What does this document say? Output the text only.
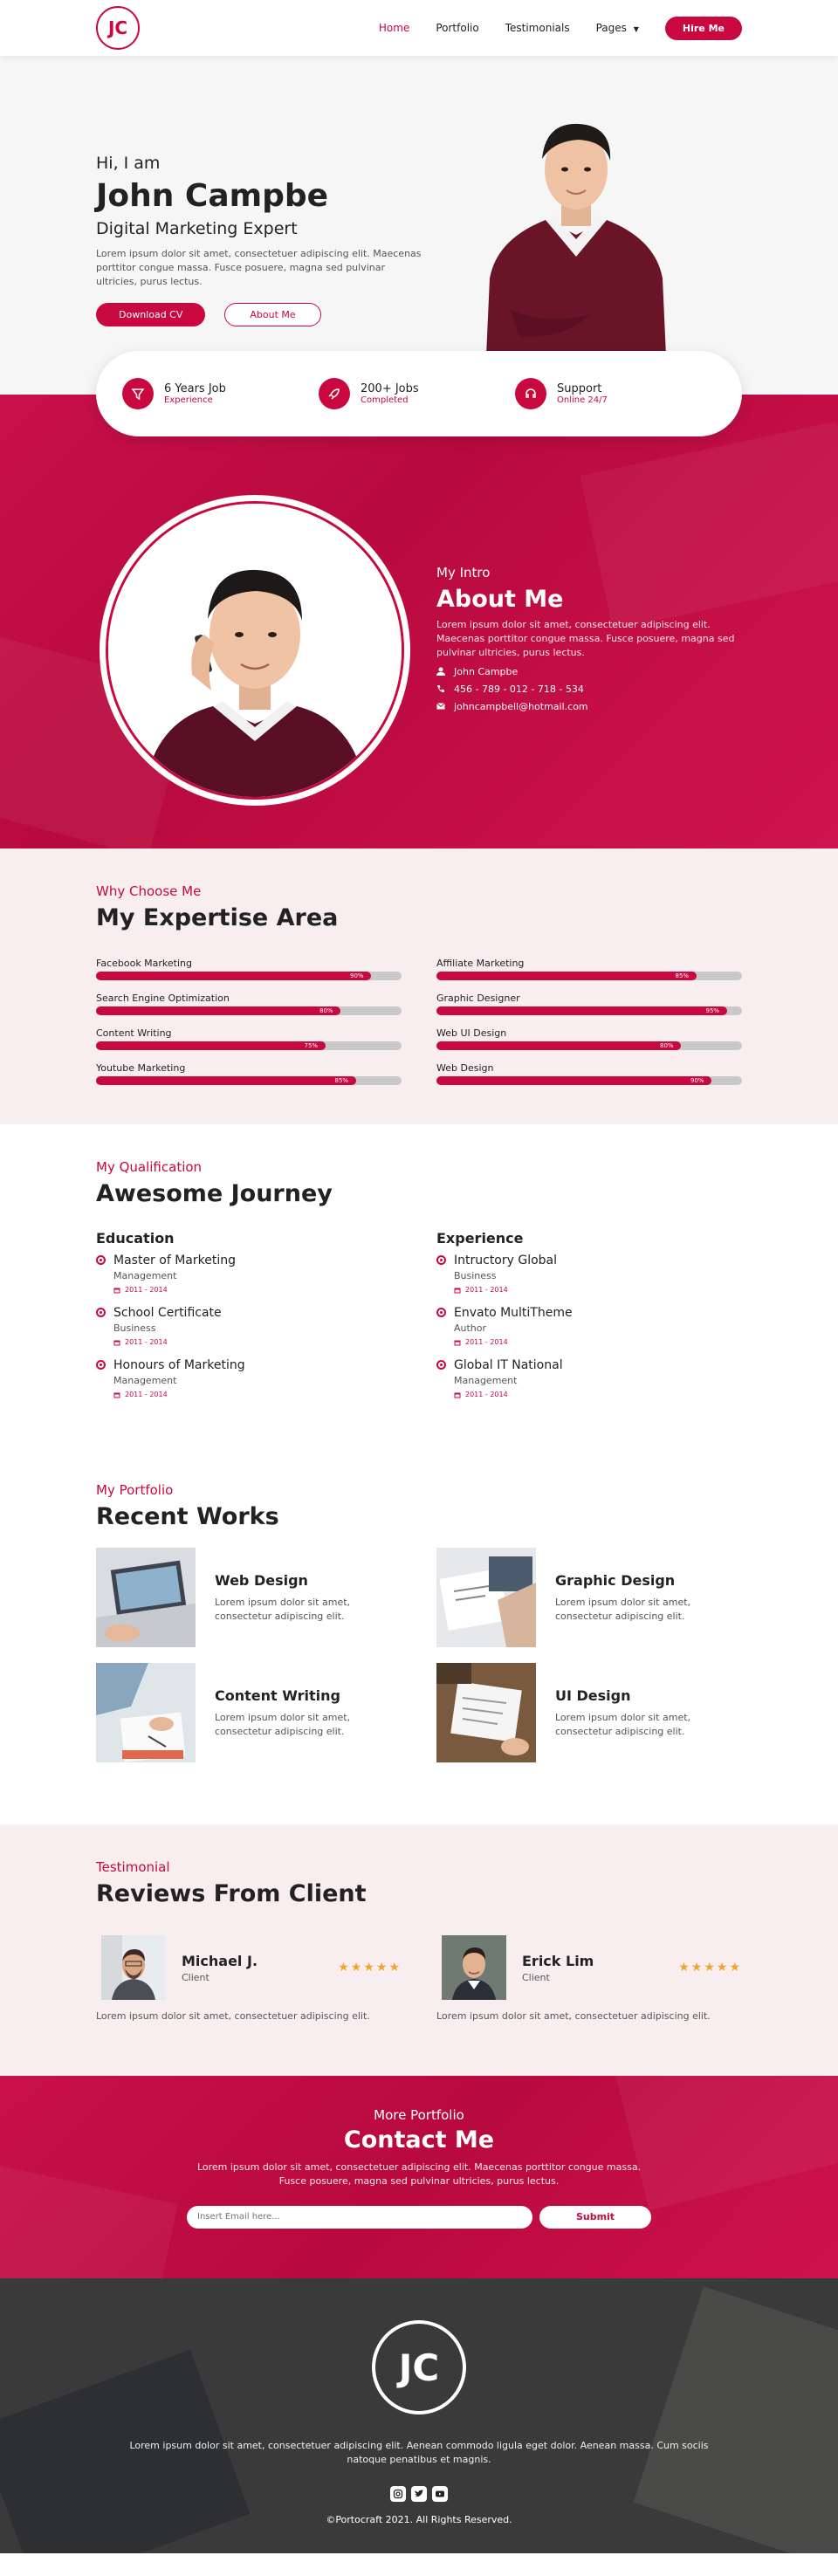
JC	Home	Portfolio	Testimonials	Pages ▼	Hire Me
Hi, I am
John Campbe
Digital Marketing Expert

Lorem ipsum dolor sit amet, consectetuer adipiscing elit. Maecenas porttitor congue massa. Fusce posuere, magna sed pulvinar ultricies, purus lectus.

Download CV	About Me
6 Years Job
Experience
200+ Jobs
Completed
Support
Online 24/7
My Intro
About Me

Lorem ipsum dolor sit amet, consectetuer adipiscing elit. Maecenas porttitor congue massa. Fusce posuere, magna sed pulvinar ultricies, purus lectus.

John Campbe
456 - 789 - 012 - 718 - 534
johncampbell@hotmail.com
Why Choose Me
My Expertise Area
Facebook Marketing
90%
Affiliate Marketing
85%
Search Engine Optimization
80%
Graphic Designer
95%
Content Writing
75%
Web UI Design
80%
Youtube Marketing
85%
Web Design
90%
My Qualification
Awesome Journey
Education
Master of Marketing
Management
2011 - 2014
School Certificate
Business
2011 - 2014
Honours of Marketing
Management
2011 - 2014
Experience
Intructory Global
Business
2011 - 2014
Envato MultiTheme
Author
2011 - 2014
Global IT National
Management
2011 - 2014
My Portfolio
Recent Works
Web Design

Lorem ipsum dolor sit amet, consectetur adipiscing elit.

Graphic Design

Lorem ipsum dolor sit amet, consectetur adipiscing elit.

Content Writing

Lorem ipsum dolor sit amet, consectetur adipiscing elit.

UI Design

Lorem ipsum dolor sit amet, consectetur adipiscing elit.

Testimonial
Reviews From Client
Michael J.
Client
★★★★★

Lorem ipsum dolor sit amet, consectetuer adipiscing elit.

Erick Lim
Client
★★★★★

Lorem ipsum dolor sit amet, consectetuer adipiscing elit.

More Portfolio
Contact Me

Lorem ipsum dolor sit amet, consectetuer adipiscing elit. Maecenas porttitor congue massa. Fusce posuere, magna sed pulvinar ultricies, purus lectus.

Insert Email here...
Submit
JC

Lorem ipsum dolor sit amet, consectetuer adipiscing elit. Aenean commodo ligula eget dolor. Aenean massa. Cum sociis natoque penatibus et magnis.

©Portocraft 2021. All Rights Reserved.
